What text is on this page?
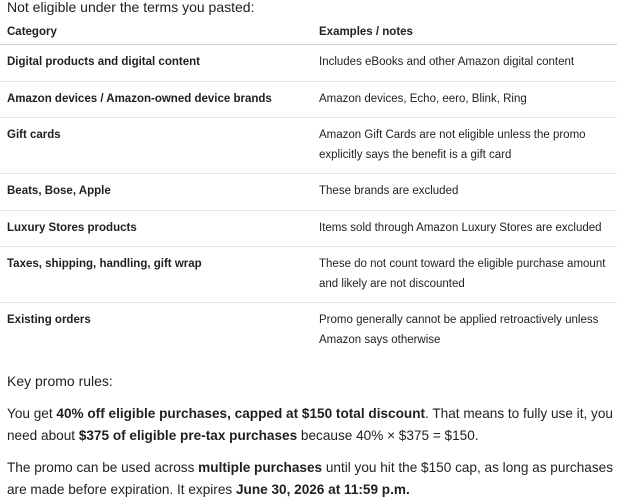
Not eligible under the terms you pasted:

Category	Examples / notes
Digital products and digital content	Includes eBooks and other Amazon digital content
Amazon devices / Amazon-owned device brands	Amazon devices, Echo, eero, Blink, Ring
Gift cards	Amazon Gift Cards are not eligible unless the promo explicitly says the benefit is a gift card
Beats, Bose, Apple	These brands are excluded
Luxury Stores products	Items sold through Amazon Luxury Stores are excluded
Taxes, shipping, handling, gift wrap	These do not count toward the eligible purchase amount and likely are not discounted
Existing orders	Promo generally cannot be applied retroactively unless Amazon says otherwise

Key promo rules:

You get 40% off eligible purchases, capped at $150 total discount. That means to fully use it, you need about $375 of eligible pre-tax purchases because 40% × $375 = $150.

The promo can be used across multiple purchases until you hit the $150 cap, as long as purchases are made before expiration. It expires June 30, 2026 at 11:59 p.m.
